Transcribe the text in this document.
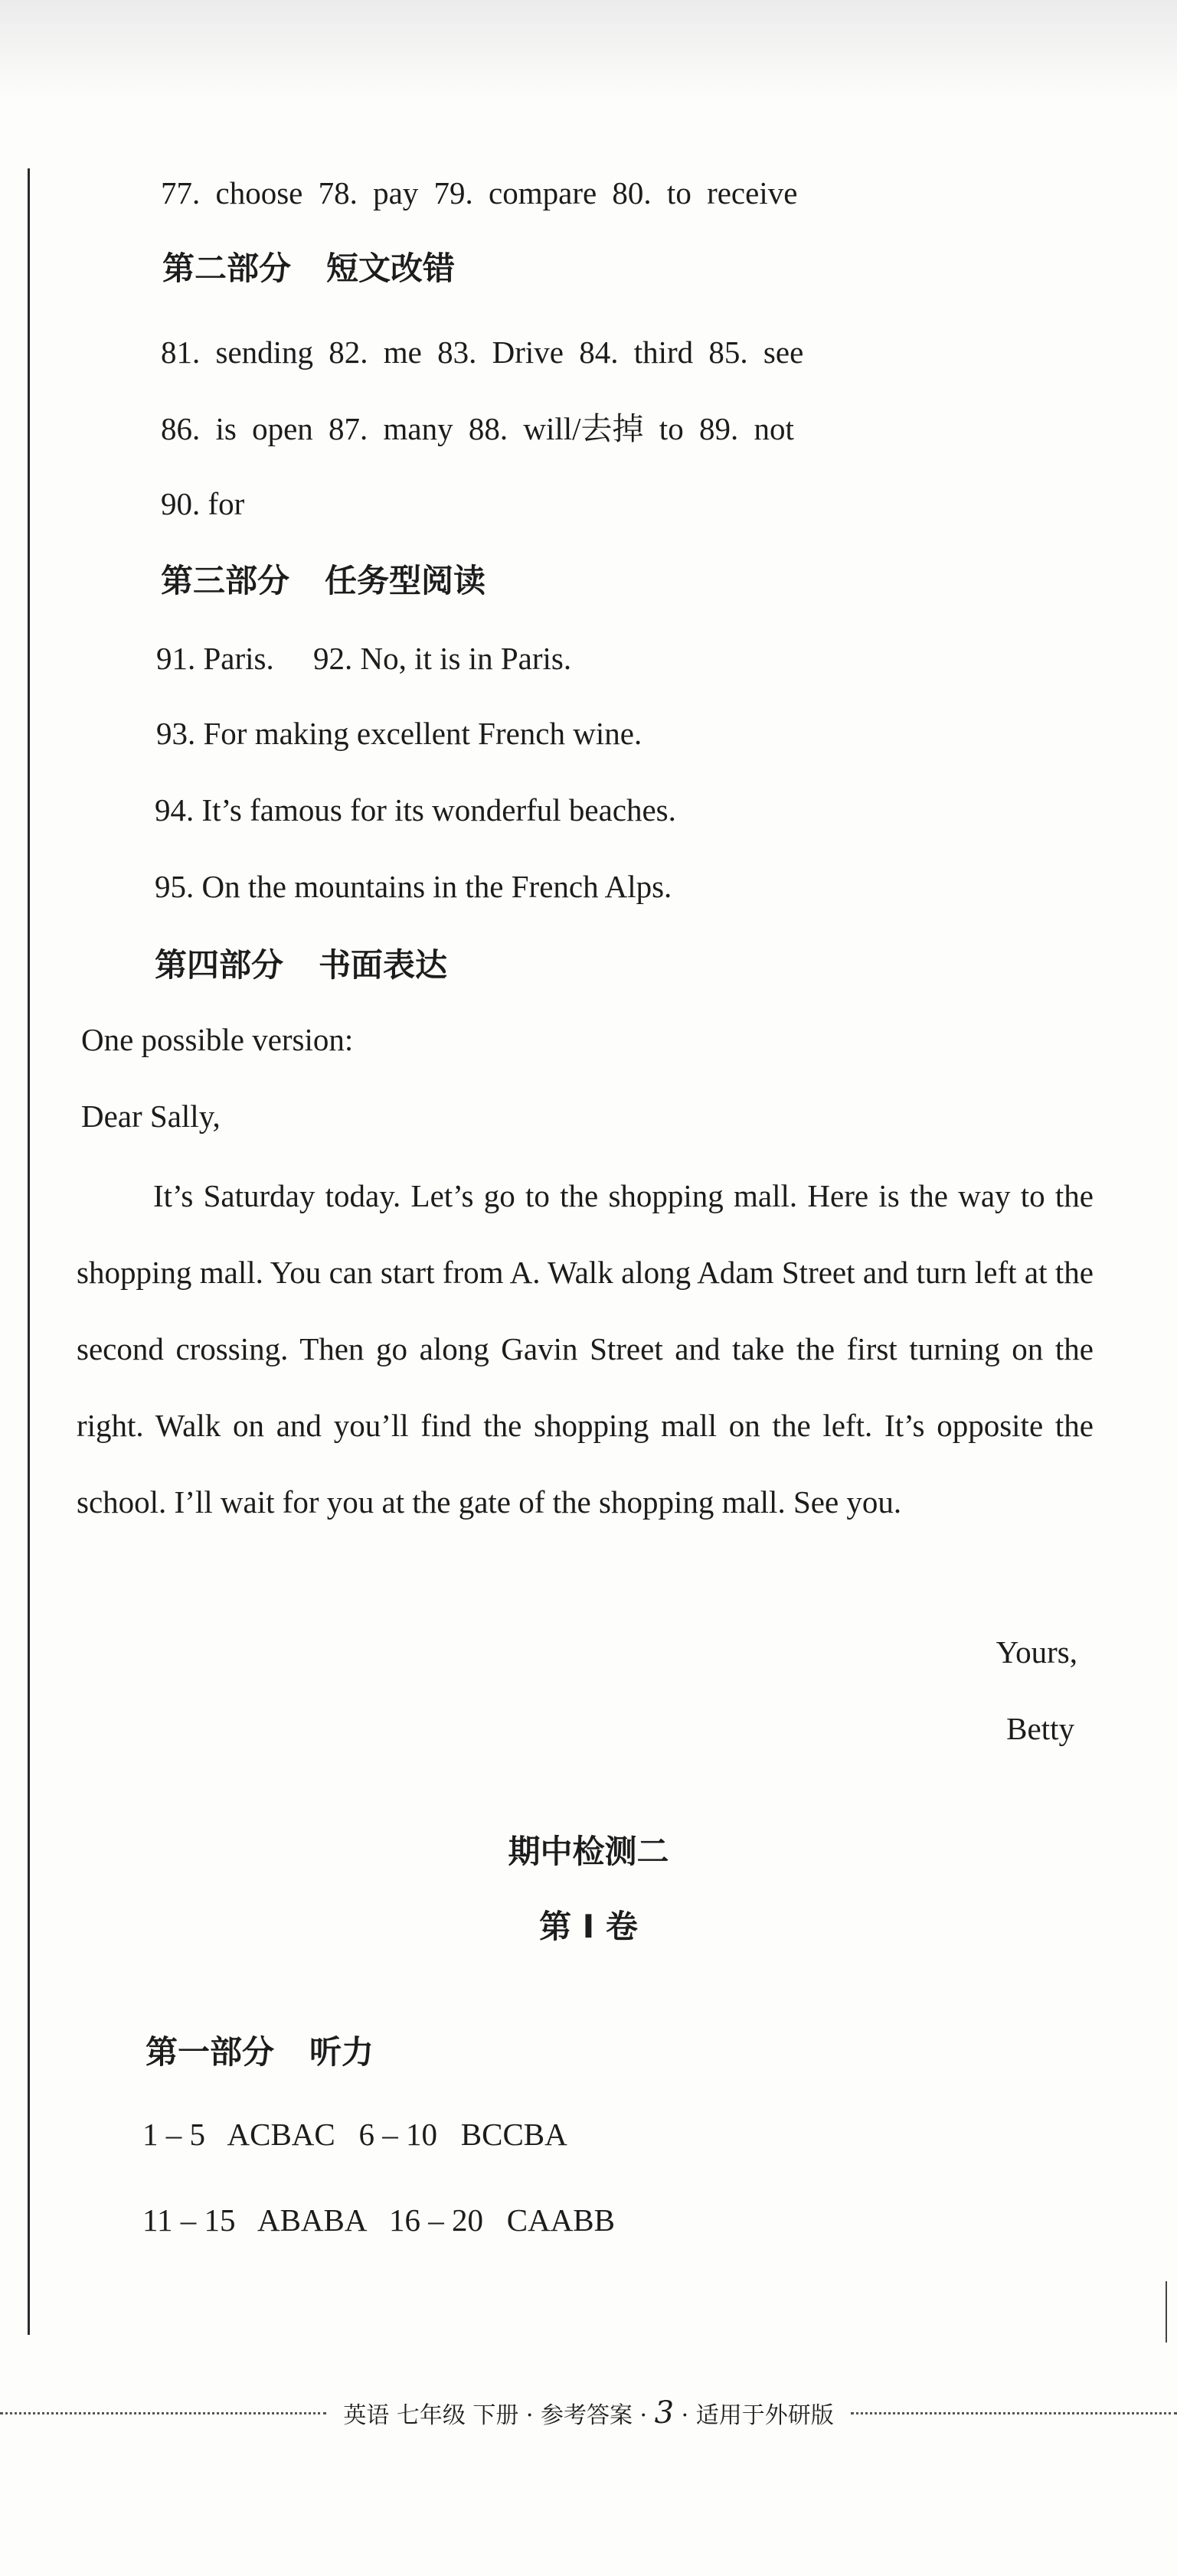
77. choose 78. pay 79. compare 80. to receive
第二部分 短文改错
81. sending 82. me 83. Drive 84. third 85. see
86. is open 87. many 88. will/去掉 to 89. not
90. for
第三部分 任务型阅读
91. Paris.     92. No, it is in Paris.
93. For making excellent French wine.
94. It’s famous for its wonderful beaches.
95. On the mountains in the French Alps.
第四部分 书面表达
One possible version:
Dear Sally,
It’s Saturday today. Let’s go to the shopping mall. Here is the way to the shopping mall. You can start from A. Walk along Adam Street and turn left at the second crossing. Then go along Gavin Street and take the first turning on the right. Walk on and you’ll find the shopping mall on the left. It’s opposite the school. I’ll wait for you at the gate of the shopping mall. See you.
Yours,
Betty
期中检测二
第 I 卷
第一部分 听力
1 – 5   ACBAC   6 – 10   BCCBA
11 – 15   ABABA   16 – 20   CAABB
英语 七年级 下册 · 参考答案 · 3 · 适用于外研版
